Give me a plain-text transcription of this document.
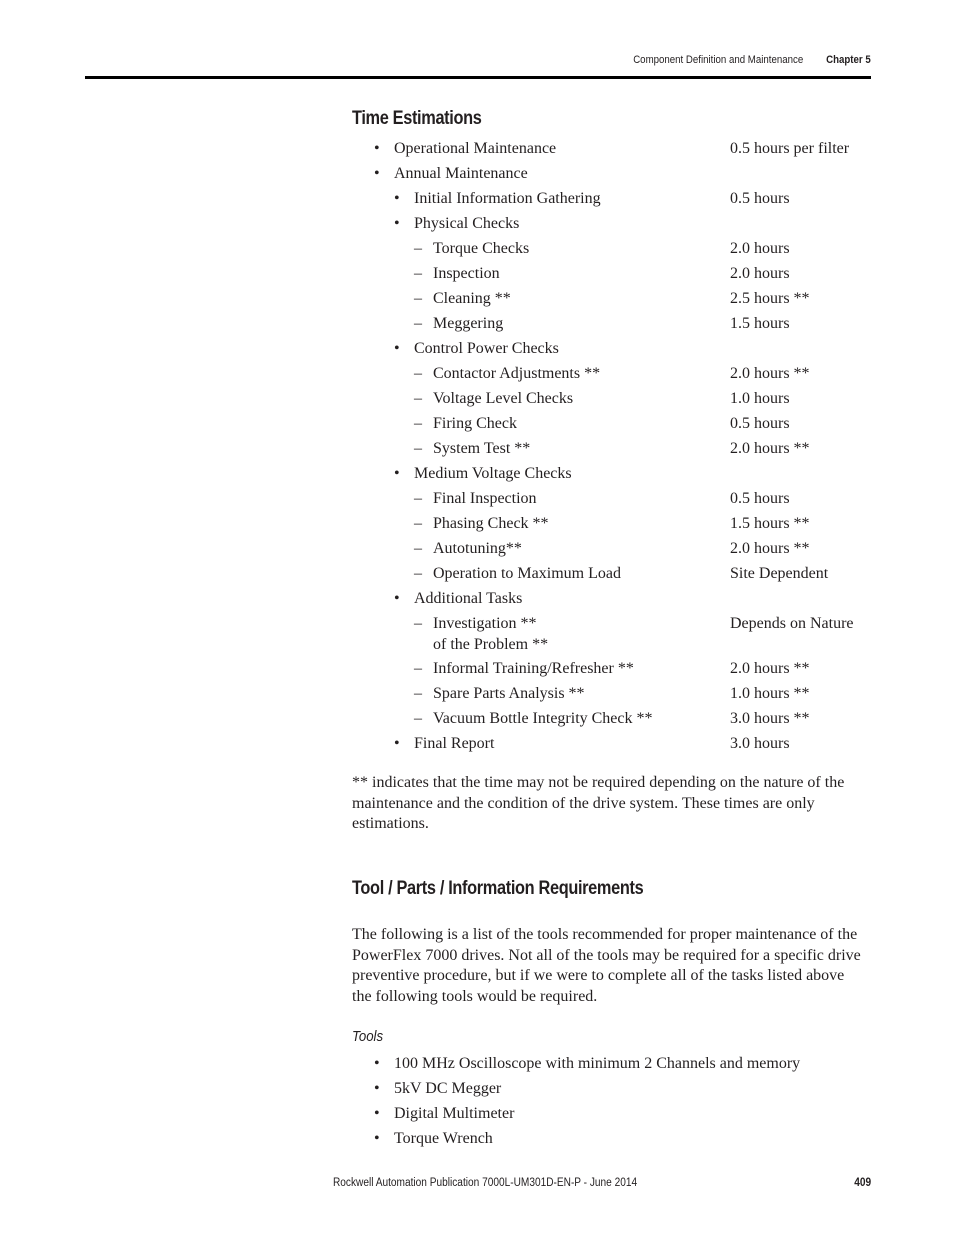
Component Definition and Maintenance Chapter 5
Time Estimations
• Operational Maintenance	0.5 hours per filter
• Annual Maintenance
• Initial Information Gathering	0.5 hours
• Physical Checks
– Torque Checks	2.0 hours
– Inspection	2.0 hours
– Cleaning **	2.5 hours **
– Meggering	1.5 hours
• Control Power Checks
– Contactor Adjustments **	2.0 hours **
– Voltage Level Checks	1.0 hours
– Firing Check	0.5 hours
– System Test **	2.0 hours **
• Medium Voltage Checks
– Final Inspection	0.5 hours
– Phasing Check **	1.5 hours **
– Autotuning**	2.0 hours **
– Operation to Maximum Load	Site Dependent
• Additional Tasks
– Investigation **	Depends on Nature
of the Problem **
– Informal Training/Refresher **	2.0 hours **
– Spare Parts Analysis **	1.0 hours **
– Vacuum Bottle Integrity Check **	3.0 hours **
• Final Report	3.0 hours

** indicates that the time may not be required depending on the nature of the maintenance and the condition of the drive system. These times are only estimations.

Tool / Parts / Information Requirements

The following is a list of the tools recommended for proper maintenance of the PowerFlex 7000 drives. Not all of the tools may be required for a specific drive preventive procedure, but if we were to complete all of the tasks listed above the following tools would be required.

Tools
• 100 MHz Oscilloscope with minimum 2 Channels and memory
• 5kV DC Megger
• Digital Multimeter
• Torque Wrench
Rockwell Automation Publication 7000L-UM301D-EN-P - June 2014	409
